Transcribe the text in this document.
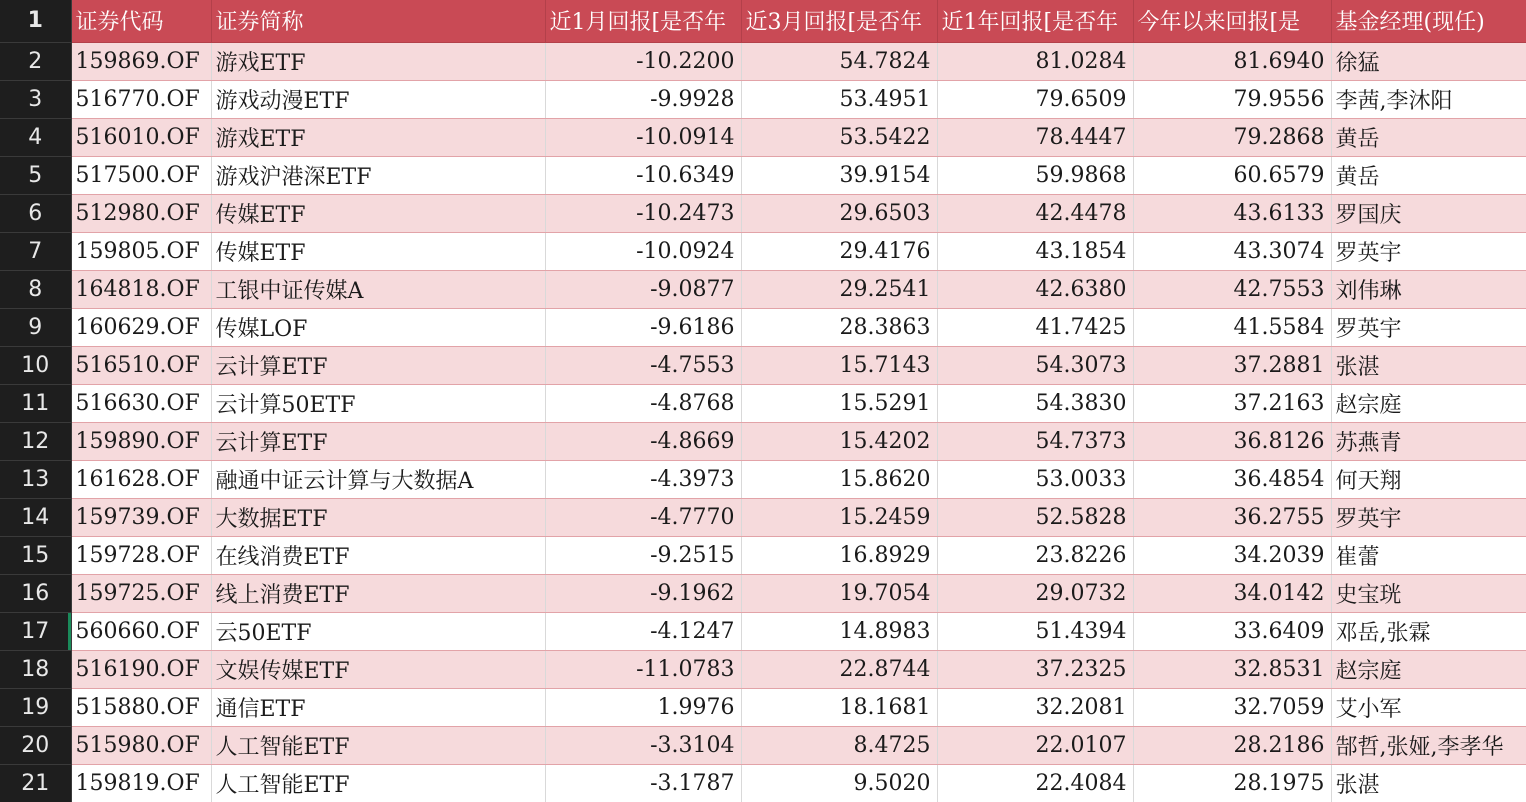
1	证券代码	证券简称	近1月回报[是否年	近3月回报[是否年	近1年回报[是否年	今年以来回报[是	基金经理(现任)
2	159869.OF	游戏ETF	-10.2200	54.7824	81.0284	81.6940	徐猛
3	516770.OF	游戏动漫ETF	-9.9928	53.4951	79.6509	79.9556	李茜,李沐阳
4	516010.OF	游戏ETF	-10.0914	53.5422	78.4447	79.2868	黄岳
5	517500.OF	游戏沪港深ETF	-10.6349	39.9154	59.9868	60.6579	黄岳
6	512980.OF	传媒ETF	-10.2473	29.6503	42.4478	43.6133	罗国庆
7	159805.OF	传媒ETF	-10.0924	29.4176	43.1854	43.3074	罗英宇
8	164818.OF	工银中证传媒A	-9.0877	29.2541	42.6380	42.7553	刘伟琳
9	160629.OF	传媒LOF	-9.6186	28.3863	41.7425	41.5584	罗英宇
10	516510.OF	云计算ETF	-4.7553	15.7143	54.3073	37.2881	张湛
11	516630.OF	云计算50ETF	-4.8768	15.5291	54.3830	37.2163	赵宗庭
12	159890.OF	云计算ETF	-4.8669	15.4202	54.7373	36.8126	苏燕青
13	161628.OF	融通中证云计算与大数据A	-4.3973	15.8620	53.0033	36.4854	何天翔
14	159739.OF	大数据ETF	-4.7770	15.2459	52.5828	36.2755	罗英宇
15	159728.OF	在线消费ETF	-9.2515	16.8929	23.8226	34.2039	崔蕾
16	159725.OF	线上消费ETF	-9.1962	19.7054	29.0732	34.0142	史宝珖
17	560660.OF	云50ETF	-4.1247	14.8983	51.4394	33.6409	邓岳,张霖
18	516190.OF	文娱传媒ETF	-11.0783	22.8744	37.2325	32.8531	赵宗庭
19	515880.OF	通信ETF	1.9976	18.1681	32.2081	32.7059	艾小军
20	515980.OF	人工智能ETF	-3.3104	8.4725	22.0107	28.2186	郜哲,张娅,李孝华
21	159819.OF	人工智能ETF	-3.1787	9.5020	22.4084	28.1975	张湛
